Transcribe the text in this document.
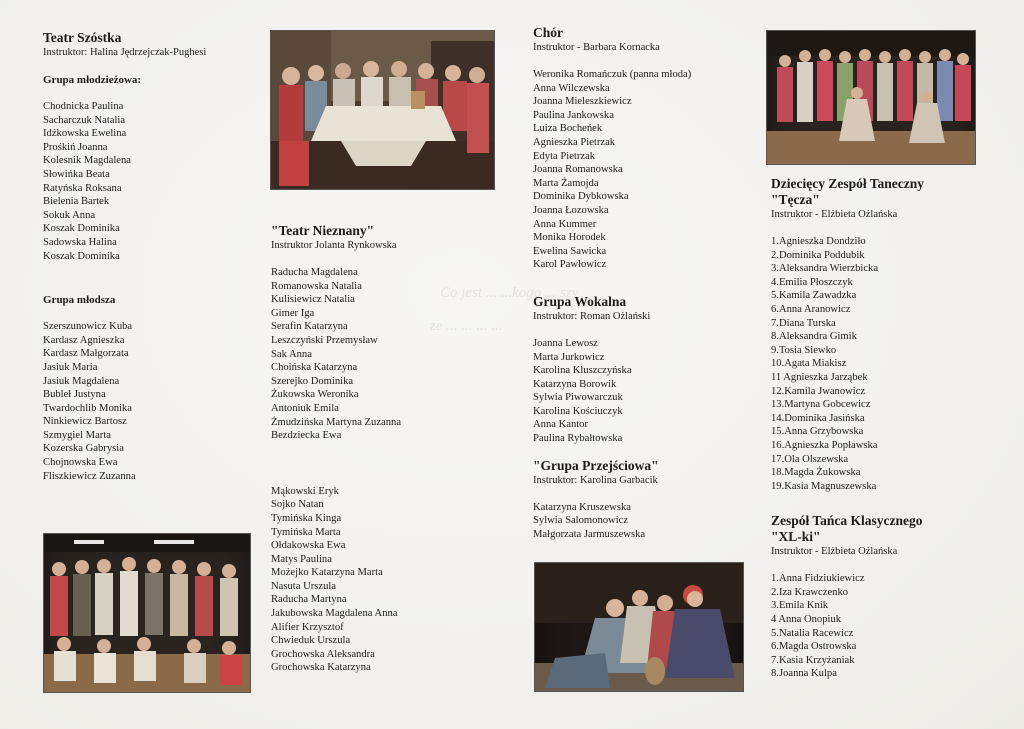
Co jest ... ...kogo ... szy
ze ... ... ... ...
Teatr Szóstka
Instruktor: Halina Jędrzejczak-Pughesi
Grupa młodzieżowa:
Chodnicka Paulina
Sacharczuk Natalia
Idźkowska Ewelina
Prośkiń Joanna
Kolesnik Magdalena
Słowińka Beata
Ratyńska Roksana
Bielenia Bartek
Sokuk Anna
Koszak Dominika
Sadowska Halina
Koszak Dominika
Grupa młodsza
Szerszunowicz Kuba
Kardasz Agnieszka
Kardasz Małgorzata
Jasiuk Maria
Jasiuk Magdalena
Bubleł Justyna
Twardochlib Monika
Ninkiewicz Bartosz
Szmygiel Marta
Kozerska Gabrysia
Chojnowska Ewa
Fliszkiewicz Zuzanna
"Teatr Nieznany"
Instruktor Jolanta Rynkowska
Raducha Magdalena
Romanowska Natalia
Kulisiewicz Natalia
Gimer Iga
Serafin Katarzyna
Leszczyński Przemysław
Sak Anna
Choińska Katarzyna
Szerejko Dominika
Żukowska Weronika
Antoniuk Emila
Żmudzińska Martyna Zuzanna
Bezdziecka Ewa
Mąkowski Eryk
Sojko Natan
Tymińska Kinga
Tymińska Marta
Ołdakowska Ewa
Matys Paulina
Możejko Katarzyna Marta
Nasuta Urszula
Raducha Martyna
Jakubowska Magdalena Anna
Alifier Krzysztof
Chwieduk Urszula
Grochowska Aleksandra
Grochowska Katarzyna
Chór
Instruktor - Barbara Kornacka
Weronika Romańczuk (panna młoda)
Anna Wilczewska
Joanna Mieleszkiewicz
Paulina Jankowska
Luiza Bocheńek
Agnieszka Pietrzak
Edyta Pietrzak
Joanna Romanowska
Marta Żamojda
Dominika Dybkowska
Joanna Łozowska
Anna Kummer
Monika Horodek
Ewelina Sawicka
Karol Pawłowicz
Grupa Wokalna
Instruktor: Roman Ożlański
Joanna Lewosz
Marta Jurkowicz
Karolina Kluszczyńska
Katarzyna Borowik
Sylwia Piwowarczuk
Karolina Kościuczyk
Anna Kantor
Paulina Rybałtowska
"Grupa Przejściowa"
Instruktor: Karolina Garbacik
Katarzyna Kruszewska
Sylwia Salomonowicz
Małgorzata Jarmuszewska
Dziecięcy Zespół Taneczny
"Tęcza"
Instruktor - Elżbieta Ożlańska
1.Agnieszka Dondziło
2.Dominika Poddubik
3.Aleksandra Wierzbicka
4.Emilia Płoszczyk
5.Kamila Zawadzka
6.Anna Aranowicz
7.Diana Turska
8.Aleksandra Gimik
9.Tosia Siewko
10.Agata Miakisz
11 Agnieszka Jarząbek
12.Kamila Jwanowicz
13.Martyna Gobcewicz
14.Dominika Jasińska
15.Anna Grzybowska
16.Agnieszka Popławska
17.Ola Olszewska
18.Magda Żukowska
19.Kasia Magnuszewska
Zespół Tańca Klasycznego
"XL-ki"
Instruktor - Elżbieta Ożlańska
1.Anna Fidziukiewicz
2.Iza Krawczenko
3.Emila Knik
4 Anna Onopiuk
5.Natalia Racewicz
6.Magda Ostrowska
7.Kasia Krzyżaniak
8.Joanna Kulpa
